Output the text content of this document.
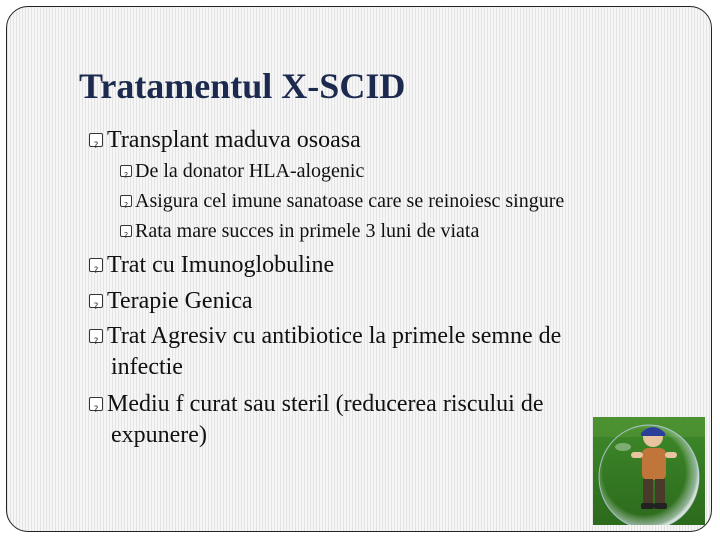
Tratamentul X-SCID
?Transplant maduva osoasa
?De la donator HLA-alogenic
?Asigura cel imune sanatoase care se reinoiesc singure
?Rata mare succes in primele 3 luni de viata
?Trat cu Imunoglobuline
?Terapie Genica
?Trat Agresiv cu antibiotice la primele semne de
infectie
?Mediu f curat sau steril (reducerea riscului de
expunere)
